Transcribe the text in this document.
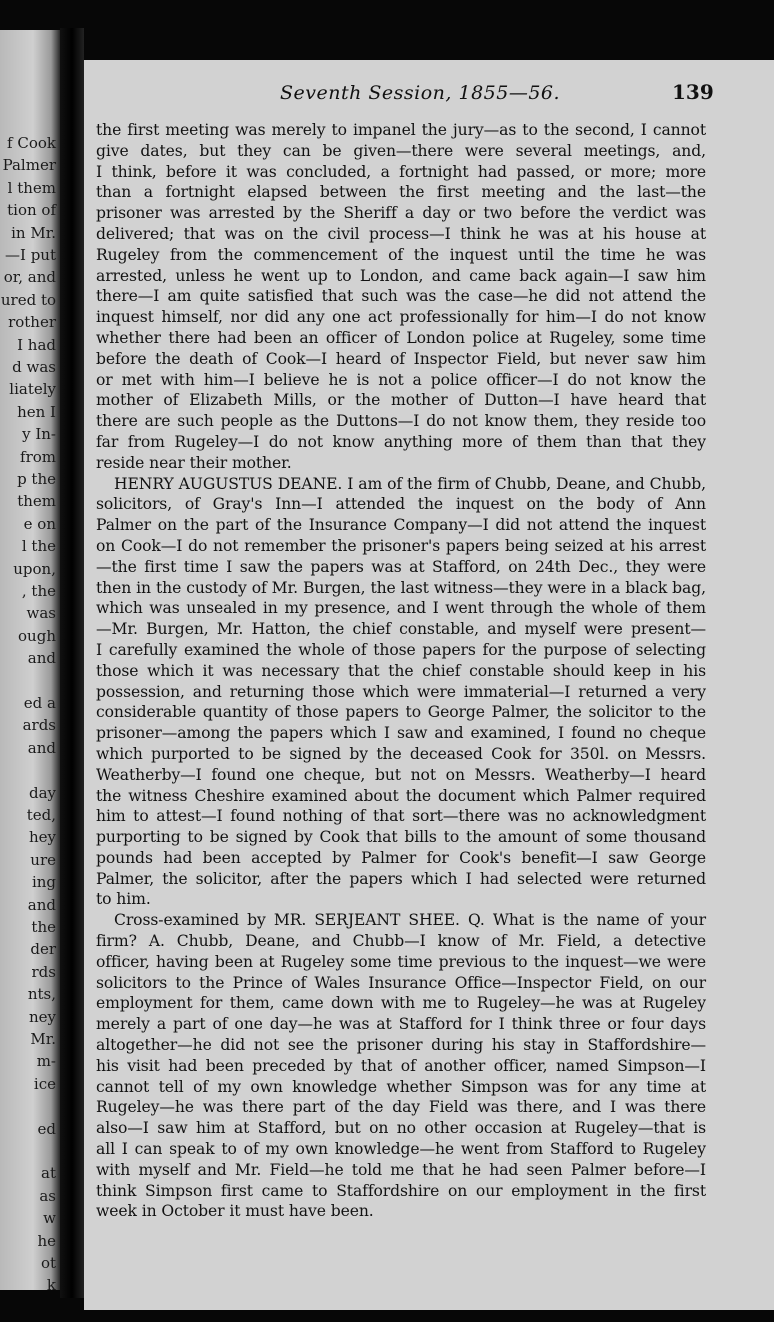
f Cook
Palmer
l them
tion of
in Mr.
—I put
or, and
ured to
rother
I had
d was
liately
hen I
y In-
from
p the
them
e on
l the
upon,
, the
was
ough
and
ed a
ards
and
day
ted,
hey
ure
ing
and
the
der
rds
nts,
ney
Mr.
m-
ice
ed
at
as
w
he
ot
k
Seventh Session, 1855—56.	139
the first meeting was merely to impanel the jury—as to the second, I cannot
give dates, but they can be given—there were several meetings, and,
I think, before it was concluded, a fortnight had passed, or more; more
than a fortnight elapsed between the first meeting and the last—the
prisoner was arrested by the Sheriff a day or two before the verdict was
delivered; that was on the civil process—I think he was at his house at
Rugeley from the commencement of the inquest until the time he was
arrested, unless he went up to London, and came back again—I saw him
there—I am quite satisfied that such was the case—he did not attend the
inquest himself, nor did any one act professionally for him—I do not know
whether there had been an officer of London police at Rugeley, some time
before the death of Cook—I heard of Inspector Field, but never saw him
or met with him—I believe he is not a police officer—I do not know the
mother of Elizabeth Mills, or the mother of Dutton—I have heard that
there are such people as the Duttons—I do not know them, they reside too
far from Rugeley—I do not know anything more of them than that they
reside near their mother.
HENRY AUGUSTUS DEANE. I am of the firm of Chubb, Deane, and Chubb,
solicitors, of Gray's Inn—I attended the inquest on the body of Ann
Palmer on the part of the Insurance Company—I did not attend the inquest
on Cook—I do not remember the prisoner's papers being seized at his arrest
—the first time I saw the papers was at Stafford, on 24th Dec., they were
then in the custody of Mr. Burgen, the last witness—they were in a black bag,
which was unsealed in my presence, and I went through the whole of them
—Mr. Burgen, Mr. Hatton, the chief constable, and myself were present—
I carefully examined the whole of those papers for the purpose of selecting
those which it was necessary that the chief constable should keep in his
possession, and returning those which were immaterial—I returned a very
considerable quantity of those papers to George Palmer, the solicitor to the
prisoner—among the papers which I saw and examined, I found no cheque
which purported to be signed by the deceased Cook for 350l. on Messrs.
Weatherby—I found one cheque, but not on Messrs. Weatherby—I heard
the witness Cheshire examined about the document which Palmer required
him to attest—I found nothing of that sort—there was no acknowledgment
purporting to be signed by Cook that bills to the amount of some thousand
pounds had been accepted by Palmer for Cook's benefit—I saw George
Palmer, the solicitor, after the papers which I had selected were returned
to him.
Cross-examined by MR. SERJEANT SHEE. Q. What is the name of your
firm? A. Chubb, Deane, and Chubb—I know of Mr. Field, a detective
officer, having been at Rugeley some time previous to the inquest—we were
solicitors to the Prince of Wales Insurance Office—Inspector Field, on our
employment for them, came down with me to Rugeley—he was at Rugeley
merely a part of one day—he was at Stafford for I think three or four days
altogether—he did not see the prisoner during his stay in Staffordshire—
his visit had been preceded by that of another officer, named Simpson—I
cannot tell of my own knowledge whether Simpson was for any time at
Rugeley—he was there part of the day Field was there, and I was there
also—I saw him at Stafford, but on no other occasion at Rugeley—that is
all I can speak to of my own knowledge—he went from Stafford to Rugeley
with myself and Mr. Field—he told me that he had seen Palmer before—I
think Simpson first came to Staffordshire on our employment in the first
week in October it must have been.
